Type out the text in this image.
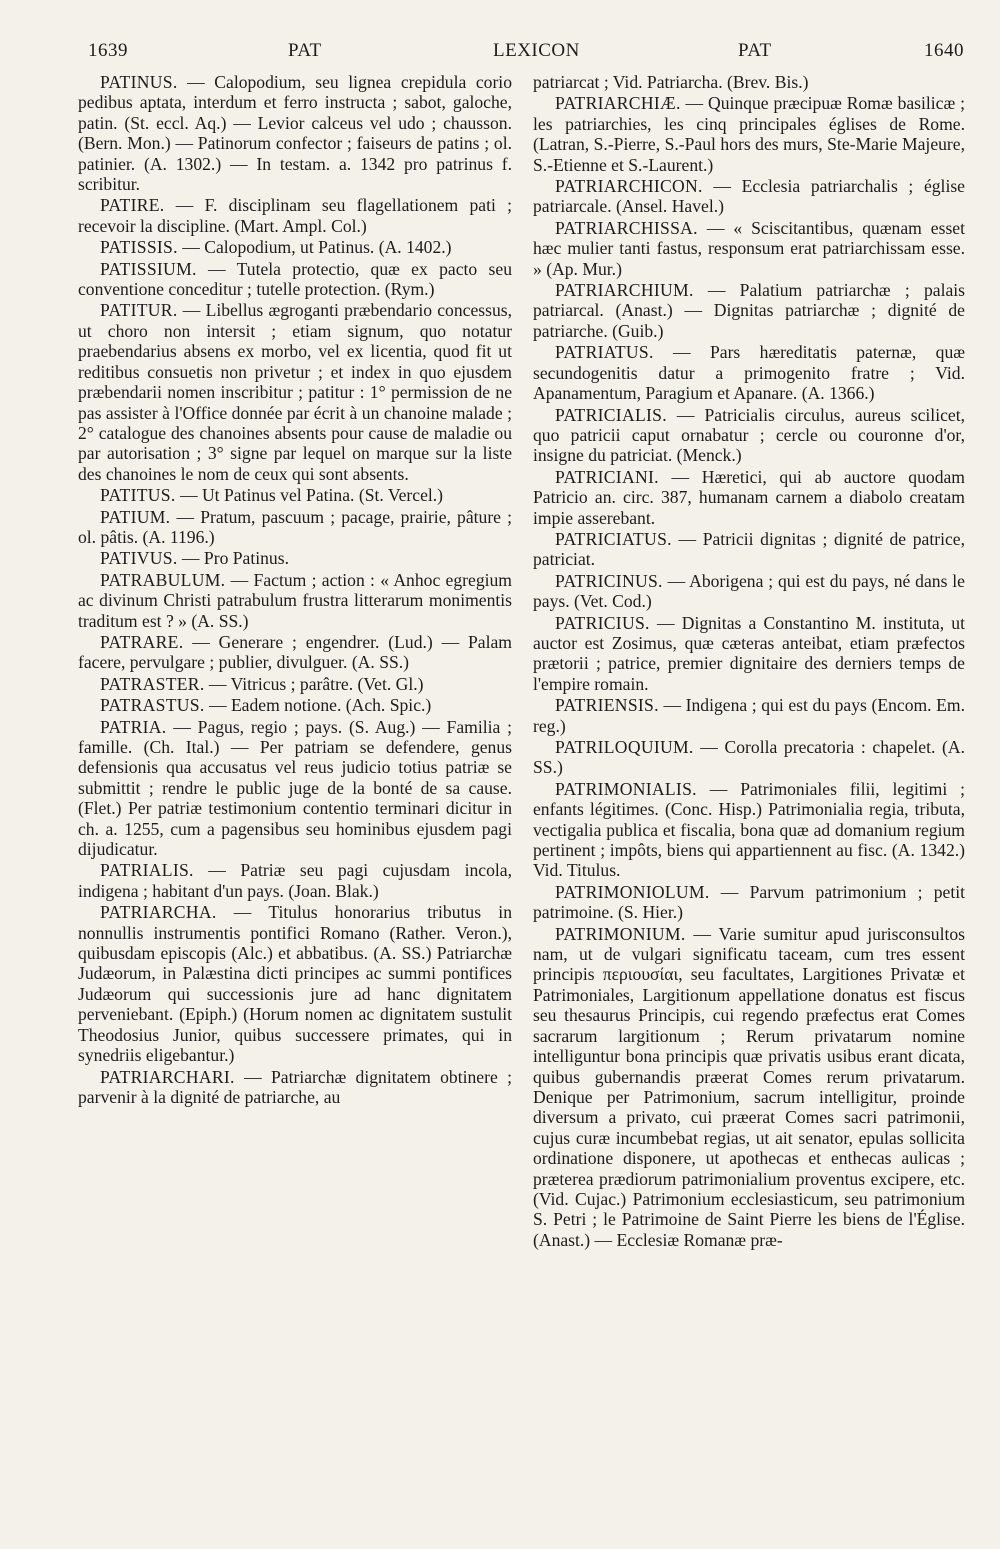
1639	PAT	LEXICON	PAT	1640

PATINUS. — Calopodium, seu lignea crepidula corio pedibus aptata, interdum et ferro instructa ; sabot, galoche, patin. (St. eccl. Aq.) — Levior calceus vel udo ; chausson. (Bern. Mon.) — Patinorum confector ; faiseurs de patins ; ol. patinier. (A. 1302.) — In testam. a. 1342 pro patrinus f. scribitur.

PATIRE. — F. disciplinam seu flagellationem pati ; recevoir la discipline. (Mart. Ampl. Col.)

PATISSIS. — Calopodium, ut Patinus. (A. 1402.)

PATISSIUM. — Tutela protectio, quæ ex pacto seu conventione conceditur ; tutelle protection. (Rym.)

PATITUR. — Libellus ægroganti præbendario concessus, ut choro non intersit ; etiam signum, quo notatur praebendarius absens ex morbo, vel ex licentia, quod fit ut reditibus consuetis non privetur ; et index in quo ejusdem præbendarii nomen inscribitur ; patitur : 1° permission de ne pas assister à l'Office donnée par écrit à un chanoine malade ; 2° catalogue des chanoines absents pour cause de maladie ou par autorisation ; 3° signe par lequel on marque sur la liste des chanoines le nom de ceux qui sont absents.

PATITUS. — Ut Patinus vel Patina. (St. Vercel.)

PATIUM. — Pratum, pascuum ; pacage, prairie, pâture ; ol. pâtis. (A. 1196.)

PATIVUS. — Pro Patinus.

PATRABULUM. — Factum ; action : « Anhoc egregium ac divinum Christi patrabulum frustra litterarum monimentis traditum est ? » (A. SS.)

PATRARE. — Generare ; engendrer. (Lud.) — Palam facere, pervulgare ; publier, divulguer. (A. SS.)

PATRASTER. — Vitricus ; parâtre. (Vet. Gl.)

PATRASTUS. — Eadem notione. (Ach. Spic.)

PATRIA. — Pagus, regio ; pays. (S. Aug.) — Familia ; famille. (Ch. Ital.) — Per patriam se defendere, genus defensionis qua accusatus vel reus judicio totius patriæ se submittit ; rendre le public juge de la bonté de sa cause. (Flet.) Per patriæ testimonium contentio terminari dicitur in ch. a. 1255, cum a pagensibus seu hominibus ejusdem pagi dijudicatur.

PATRIALIS. — Patriæ seu pagi cujusdam incola, indigena ; habitant d'un pays. (Joan. Blak.)

PATRIARCHA. — Titulus honorarius tributus in nonnullis instrumentis pontifici Romano (Rather. Veron.), quibusdam episcopis (Alc.) et abbatibus. (A. SS.) Patriarchæ Judæorum, in Palæstina dicti principes ac summi pontifices Judæorum qui successionis jure ad hanc dignitatem perveniebant. (Epiph.) (Horum nomen ac dignitatem sustulit Theodosius Junior, quibus successere primates, qui in synedriis eligebantur.)

PATRIARCHARI. — Patriarchæ dignitatem obtinere ; parvenir à la dignité de patriarche, au

patriarcat ; Vid. Patriarcha. (Brev. Bis.)

PATRIARCHIÆ. — Quinque præcipuæ Romæ basilicæ ; les patriarchies, les cinq principales églises de Rome. (Latran, S.-Pierre, S.-Paul hors des murs, Ste-Marie Majeure, S.-Etienne et S.-Laurent.)

PATRIARCHICON. — Ecclesia patriarchalis ; église patriarcale. (Ansel. Havel.)

PATRIARCHISSA. — « Sciscitantibus, quænam esset hæc mulier tanti fastus, responsum erat patriarchissam esse. » (Ap. Mur.)

PATRIARCHIUM. — Palatium patriarchæ ; palais patriarcal. (Anast.) — Dignitas patriarchæ ; dignité de patriarche. (Guib.)

PATRIATUS. — Pars hæreditatis paternæ, quæ secundogenitis datur a primogenito fratre ; Vid. Apanamentum, Paragium et Apanare. (A. 1366.)

PATRICIALIS. — Patricialis circulus, aureus scilicet, quo patricii caput ornabatur ; cercle ou couronne d'or, insigne du patriciat. (Menck.)

PATRICIANI. — Hæretici, qui ab auctore quodam Patricio an. circ. 387, humanam carnem a diabolo creatam impie asserebant.

PATRICIATUS. — Patricii dignitas ; dignité de patrice, patriciat.

PATRICINUS. — Aborigena ; qui est du pays, né dans le pays. (Vet. Cod.)

PATRICIUS. — Dignitas a Constantino M. instituta, ut auctor est Zosimus, quæ cæteras anteibat, etiam præfectos prætorii ; patrice, premier dignitaire des derniers temps de l'empire romain.

PATRIENSIS. — Indigena ; qui est du pays (Encom. Em. reg.)

PATRILOQUIUM. — Corolla precatoria : chapelet. (A. SS.)

PATRIMONIALIS. — Patrimoniales filii, legitimi ; enfants légitimes. (Conc. Hisp.) Patrimonialia regia, tributa, vectigalia publica et fiscalia, bona quæ ad domanium regium pertinent ; impôts, biens qui appartiennent au fisc. (A. 1342.) Vid. Titulus.

PATRIMONIOLUM. — Parvum patrimonium ; petit patrimoine. (S. Hier.)

PATRIMONIUM. — Varie sumitur apud jurisconsultos nam, ut de vulgari significatu taceam, cum tres essent principis περιουσίαι, seu facultates, Largitiones Privatæ et Patrimoniales, Largitionum appellatione donatus est fiscus seu thesaurus Principis, cui regendo præfectus erat Comes sacrarum largitionum ; Rerum privatarum nomine intelliguntur bona principis quæ privatis usibus erant dicata, quibus gubernandis præerat Comes rerum privatarum. Denique per Patrimonium, sacrum intelligitur, proinde diversum a privato, cui præerat Comes sacri patrimonii, cujus curæ incumbebat regias, ut ait senator, epulas sollicita ordinatione disponere, ut apothecas et enthecas aulicas ; præterea prædiorum patrimonialium proventus excipere, etc. (Vid. Cujac.) Patrimonium ecclesiasticum, seu patrimonium S. Petri ; le Patrimoine de Saint Pierre les biens de l'Église. (Anast.) — Ecclesiæ Romanæ præ-
